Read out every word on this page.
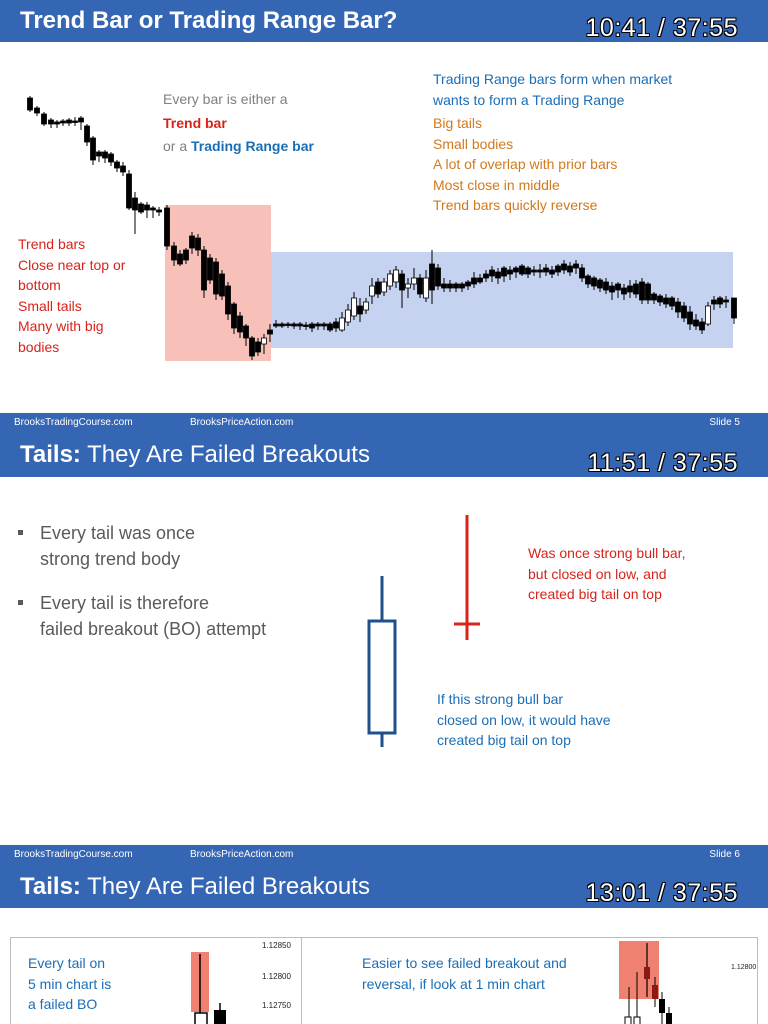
Trend Bar or Trading Range Bar?	10:41 / 37:55
Every bar is either a
Trend bar
or a Trading Range bar
Trading Range bars form when market
wants to form a Trading Range
Big tails
Small bodies
A lot of overlap with prior bars
Most close in middle
Trend bars quickly reverse
Trend bars
Close near top or
bottom
Small tails
Many with big
bodies
BrooksTradingCourse.com	BrooksPriceAction.com	Slide 5
Tails: They Are Failed Breakouts	11:51 / 37:55
Every tail was once
strong trend body
Every tail is therefore
failed breakout (BO) attempt
Was once strong bull bar,
but closed on low, and
created big tail on top
If this strong bull bar
closed on low, it would have
created big tail on top
BrooksTradingCourse.com	BrooksPriceAction.com	Slide 6
Tails: They Are Failed Breakouts	13:01 / 37:55
Every tail on
5 min chart is
a failed BO
1.12850
1.12800
1.12750
Easier to see failed breakout and
reversal, if look at 1 min chart
1.12800
